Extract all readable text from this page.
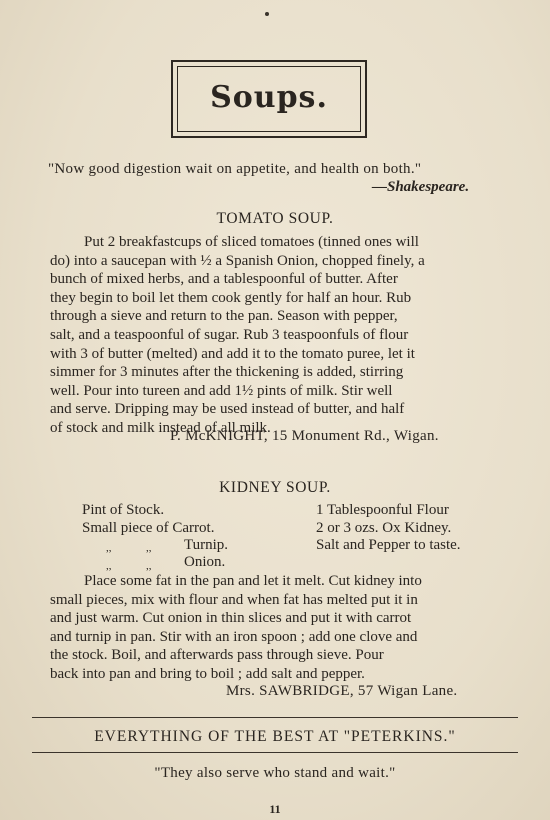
Soups.
"Now good digestion wait on appetite, and health on both."
—Shakespeare.
TOMATO SOUP.
Put 2 breakfastcups of sliced tomatoes (tinned ones will
do) into a saucepan with ½ a Spanish Onion, chopped finely, a
bunch of mixed herbs, and a tablespoonful of butter. After
they begin to boil let them cook gently for half an hour. Rub
through a sieve and return to the pan. Season with pepper,
salt, and a teaspoonful of sugar. Rub 3 teaspoonfuls of flour
with 3 of butter (melted) and add it to the tomato puree, let it
simmer for 3 minutes after the thickening is added, stirring
well. Pour into tureen and add 1½ pints of milk. Stir well
and serve. Dripping may be used instead of butter, and half
of stock and milk instead of all milk.
P. McKNIGHT, 15 Monument Rd., Wigan.
KIDNEY SOUP.
Pint of Stock.
Small piece of Carrot.
,,	,, Turnip.
,,	,, Onion.
1 Tablespoonful Flour
2 or 3 ozs. Ox Kidney.
Salt and Pepper to taste.
Place some fat in the pan and let it melt. Cut kidney into
small pieces, mix with flour and when fat has melted put it in
and just warm. Cut onion in thin slices and put it with carrot
and turnip in pan. Stir with an iron spoon ; add one clove and
the stock. Boil, and afterwards pass through sieve. Pour
back into pan and bring to boil ; add salt and pepper.
Mrs. SAWBRIDGE, 57 Wigan Lane.
EVERYTHING OF THE BEST AT "PETERKINS."
"They also serve who stand and wait."
11
